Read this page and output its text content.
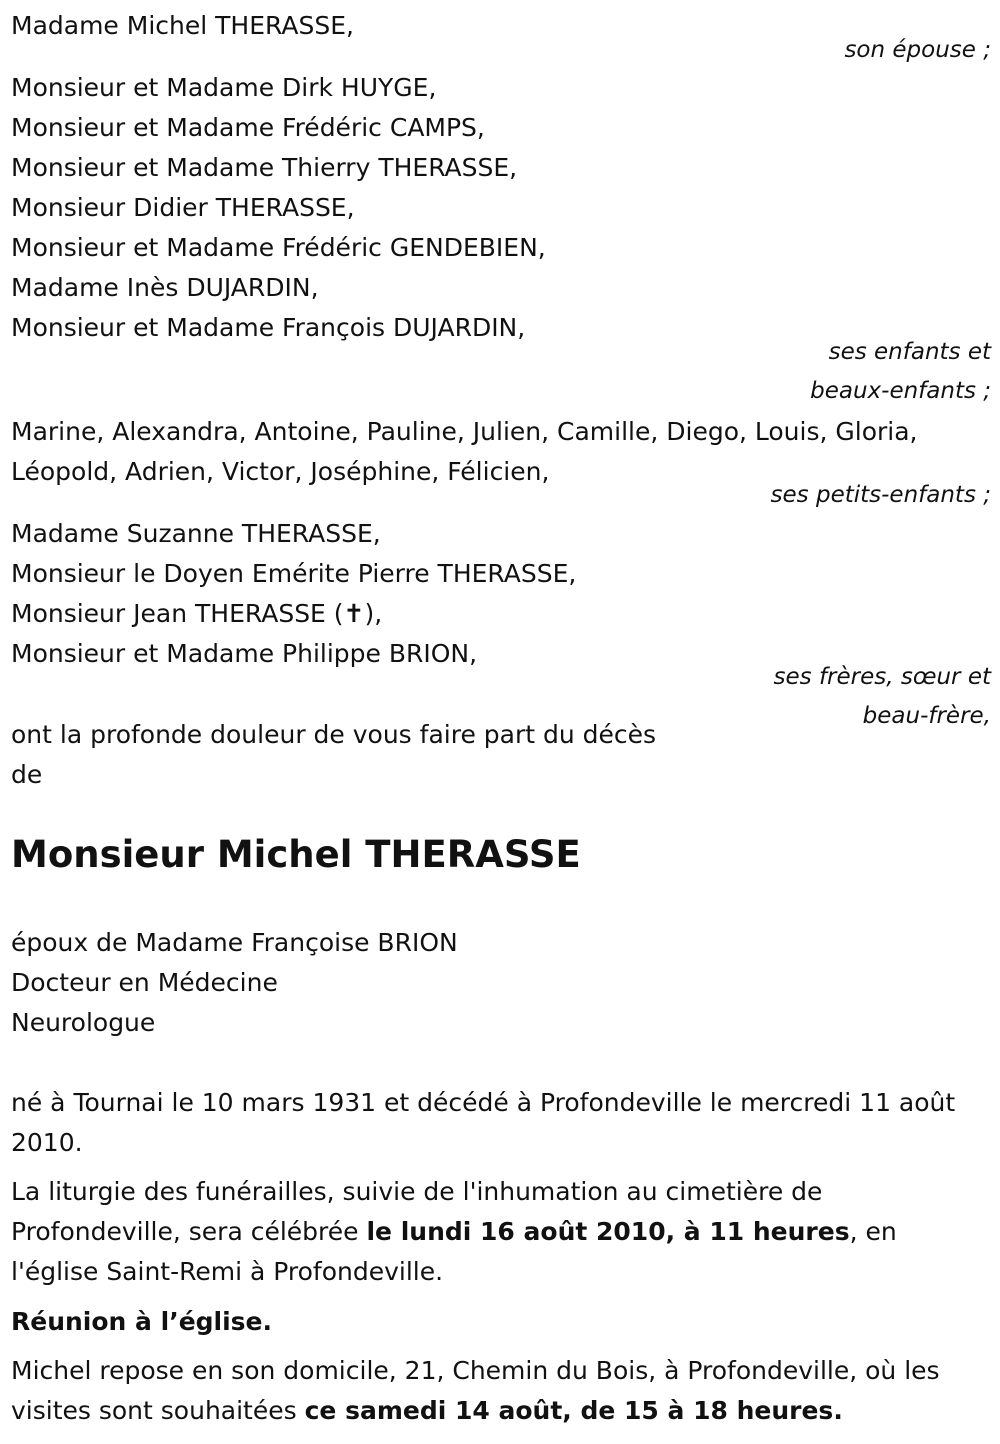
Madame Michel THERASSE,
son épouse ;
Monsieur et Madame Dirk HUYGE,
Monsieur et Madame Frédéric CAMPS,
Monsieur et Madame Thierry THERASSE,
Monsieur Didier THERASSE,
Monsieur et Madame Frédéric GENDEBIEN,
Madame Inès DUJARDIN,
Monsieur et Madame François DUJARDIN,
ses enfants et
beaux-enfants ;
Marine, Alexandra, Antoine, Pauline, Julien, Camille, Diego, Louis, Gloria,
Léopold, Adrien, Victor, Joséphine, Félicien,
ses petits-enfants ;
Madame Suzanne THERASSE,
Monsieur le Doyen Emérite Pierre THERASSE,
Monsieur Jean THERASSE (✝),
Monsieur et Madame Philippe BRION,
ses frères, sœur et
beau-frère,
ont la profonde douleur de vous faire part du décès
de
Monsieur Michel THERASSE
époux de Madame Françoise BRION
Docteur en Médecine
Neurologue
né à Tournai le 10 mars 1931 et décédé à Profondeville le mercredi 11 août 2010.
La liturgie des funérailles, suivie de l'inhumation au cimetière de Profondeville, sera célébrée le lundi 16 août 2010, à 11 heures, en l'église Saint-Remi à Profondeville.
Réunion à l’église.
Michel repose en son domicile, 21, Chemin du Bois, à Profondeville, où les visites sont souhaitées ce samedi 14 août, de 15 à 18 heures.
